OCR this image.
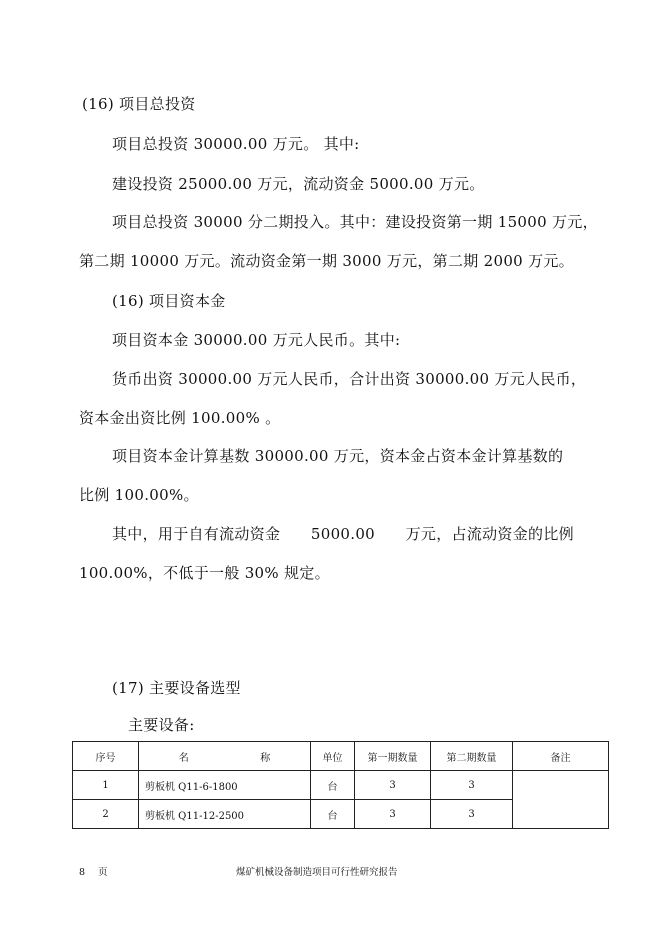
(16) 项目总投资
项目总投资 30000.00 万元。 其中:
建设投资 25000.00 万元，流动资金 5000.00 万元。
项目总投资 30000 分二期投入。其中：建设投资第一期 15000 万元，
第二期 10000 万元。流动资金第一期 3000 万元，第二期 2000 万元。
(16) 项目资本金
项目资本金 30000.00 万元人民币。其中:
货币出资 30000.00 万元人民币，合计出资 30000.00 万元人民币，
资本金出资比例 100.00% 。
项目资本金计算基数 30000.00 万元，资本金占资本金计算基数的
比例 100.00%。
其中，用于自有流动资金　　5000.00　　万元，占流动资金的比例
100.00%，不低于一般 30% 规定。
(17) 主要设备选型
主要设备:
序号	名 称	单位	第一期数量	第二期数量	备注
1	剪板机 Q11-6-1800	台	3	3	
2	剪板机 Q11-12-2500	台	3	3	
8 页	煤矿机械设备制造项目可行性研究报告
